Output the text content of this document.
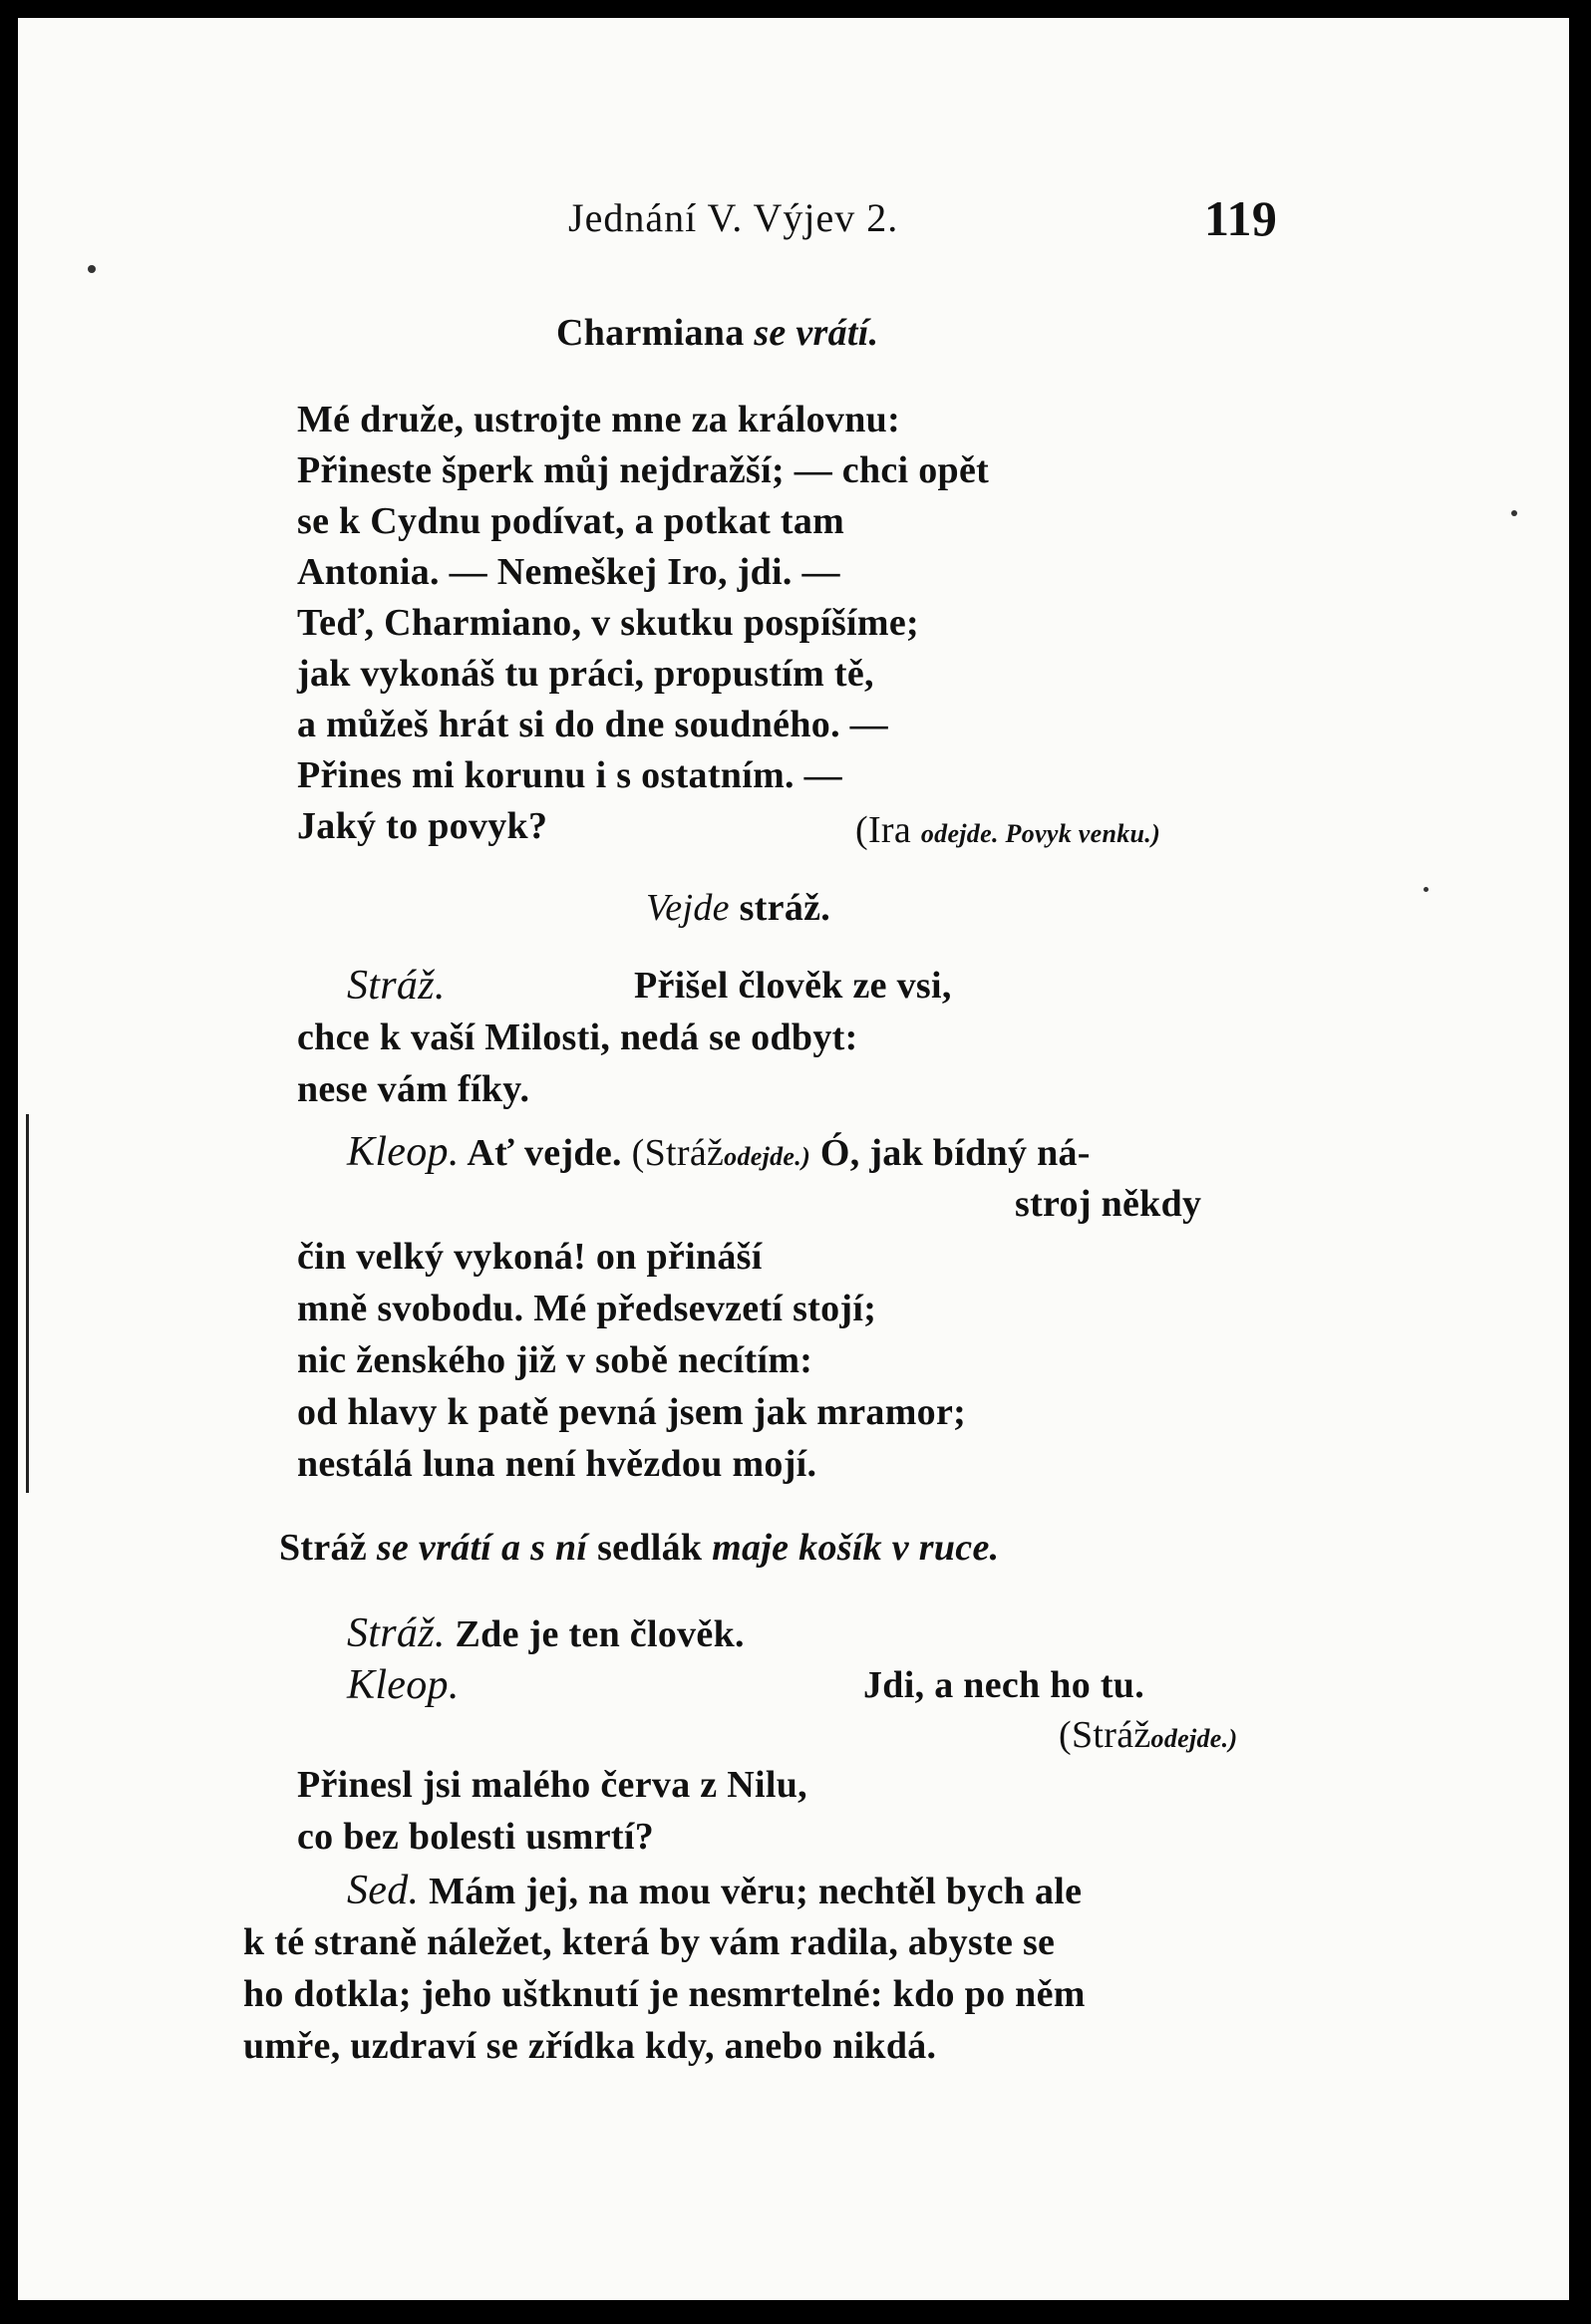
Jednání V. Výjev 2.	119
Charmiana se vrátí.
Mé druže, ustrojte mne za královnu:
Přineste šperk můj nejdražší; — chci opět
se k Cydnu podívat, a potkat tam
Antonia. — Nemeškej Iro, jdi. —
Teď, Charmiano, v skutku pospíšíme;
jak vykonáš tu práci, propustím tě,
a můžeš hrát si do dne soudného. —
Přines mi korunu i s ostatním. —
Jaký to povyk?	(Ira odejde. Povyk venku.)
Vejde stráž.
Stráž.	Přišel člověk ze vsi,
chce k vaší Milosti, nedá se odbyt:
nese vám fíky.
Kleop. Ať vejde. (Strážodejde.) Ó, jak bídný ná-
stroj někdy
čin velký vykoná! on přináší
mně svobodu. Mé předsevzetí stojí;
nic ženského již v sobě necítím:
od hlavy k patě pevná jsem jak mramor;
nestálá luna není hvězdou mojí.
Stráž se vrátí a s ní sedlák maje košík v ruce.
Stráž. Zde je ten člověk.
Kleop.	Jdi, a nech ho tu.
(Strážodejde.)
Přinesl jsi malého červa z Nilu,
co bez bolesti usmrtí?
Sed. Mám jej, na mou věru; nechtěl bych ale
k té straně náležet, která by vám radila, abyste se
ho dotkla; jeho uštknutí je nesmrtelné: kdo po něm
umře, uzdraví se zřídka kdy, anebo nikdá.
